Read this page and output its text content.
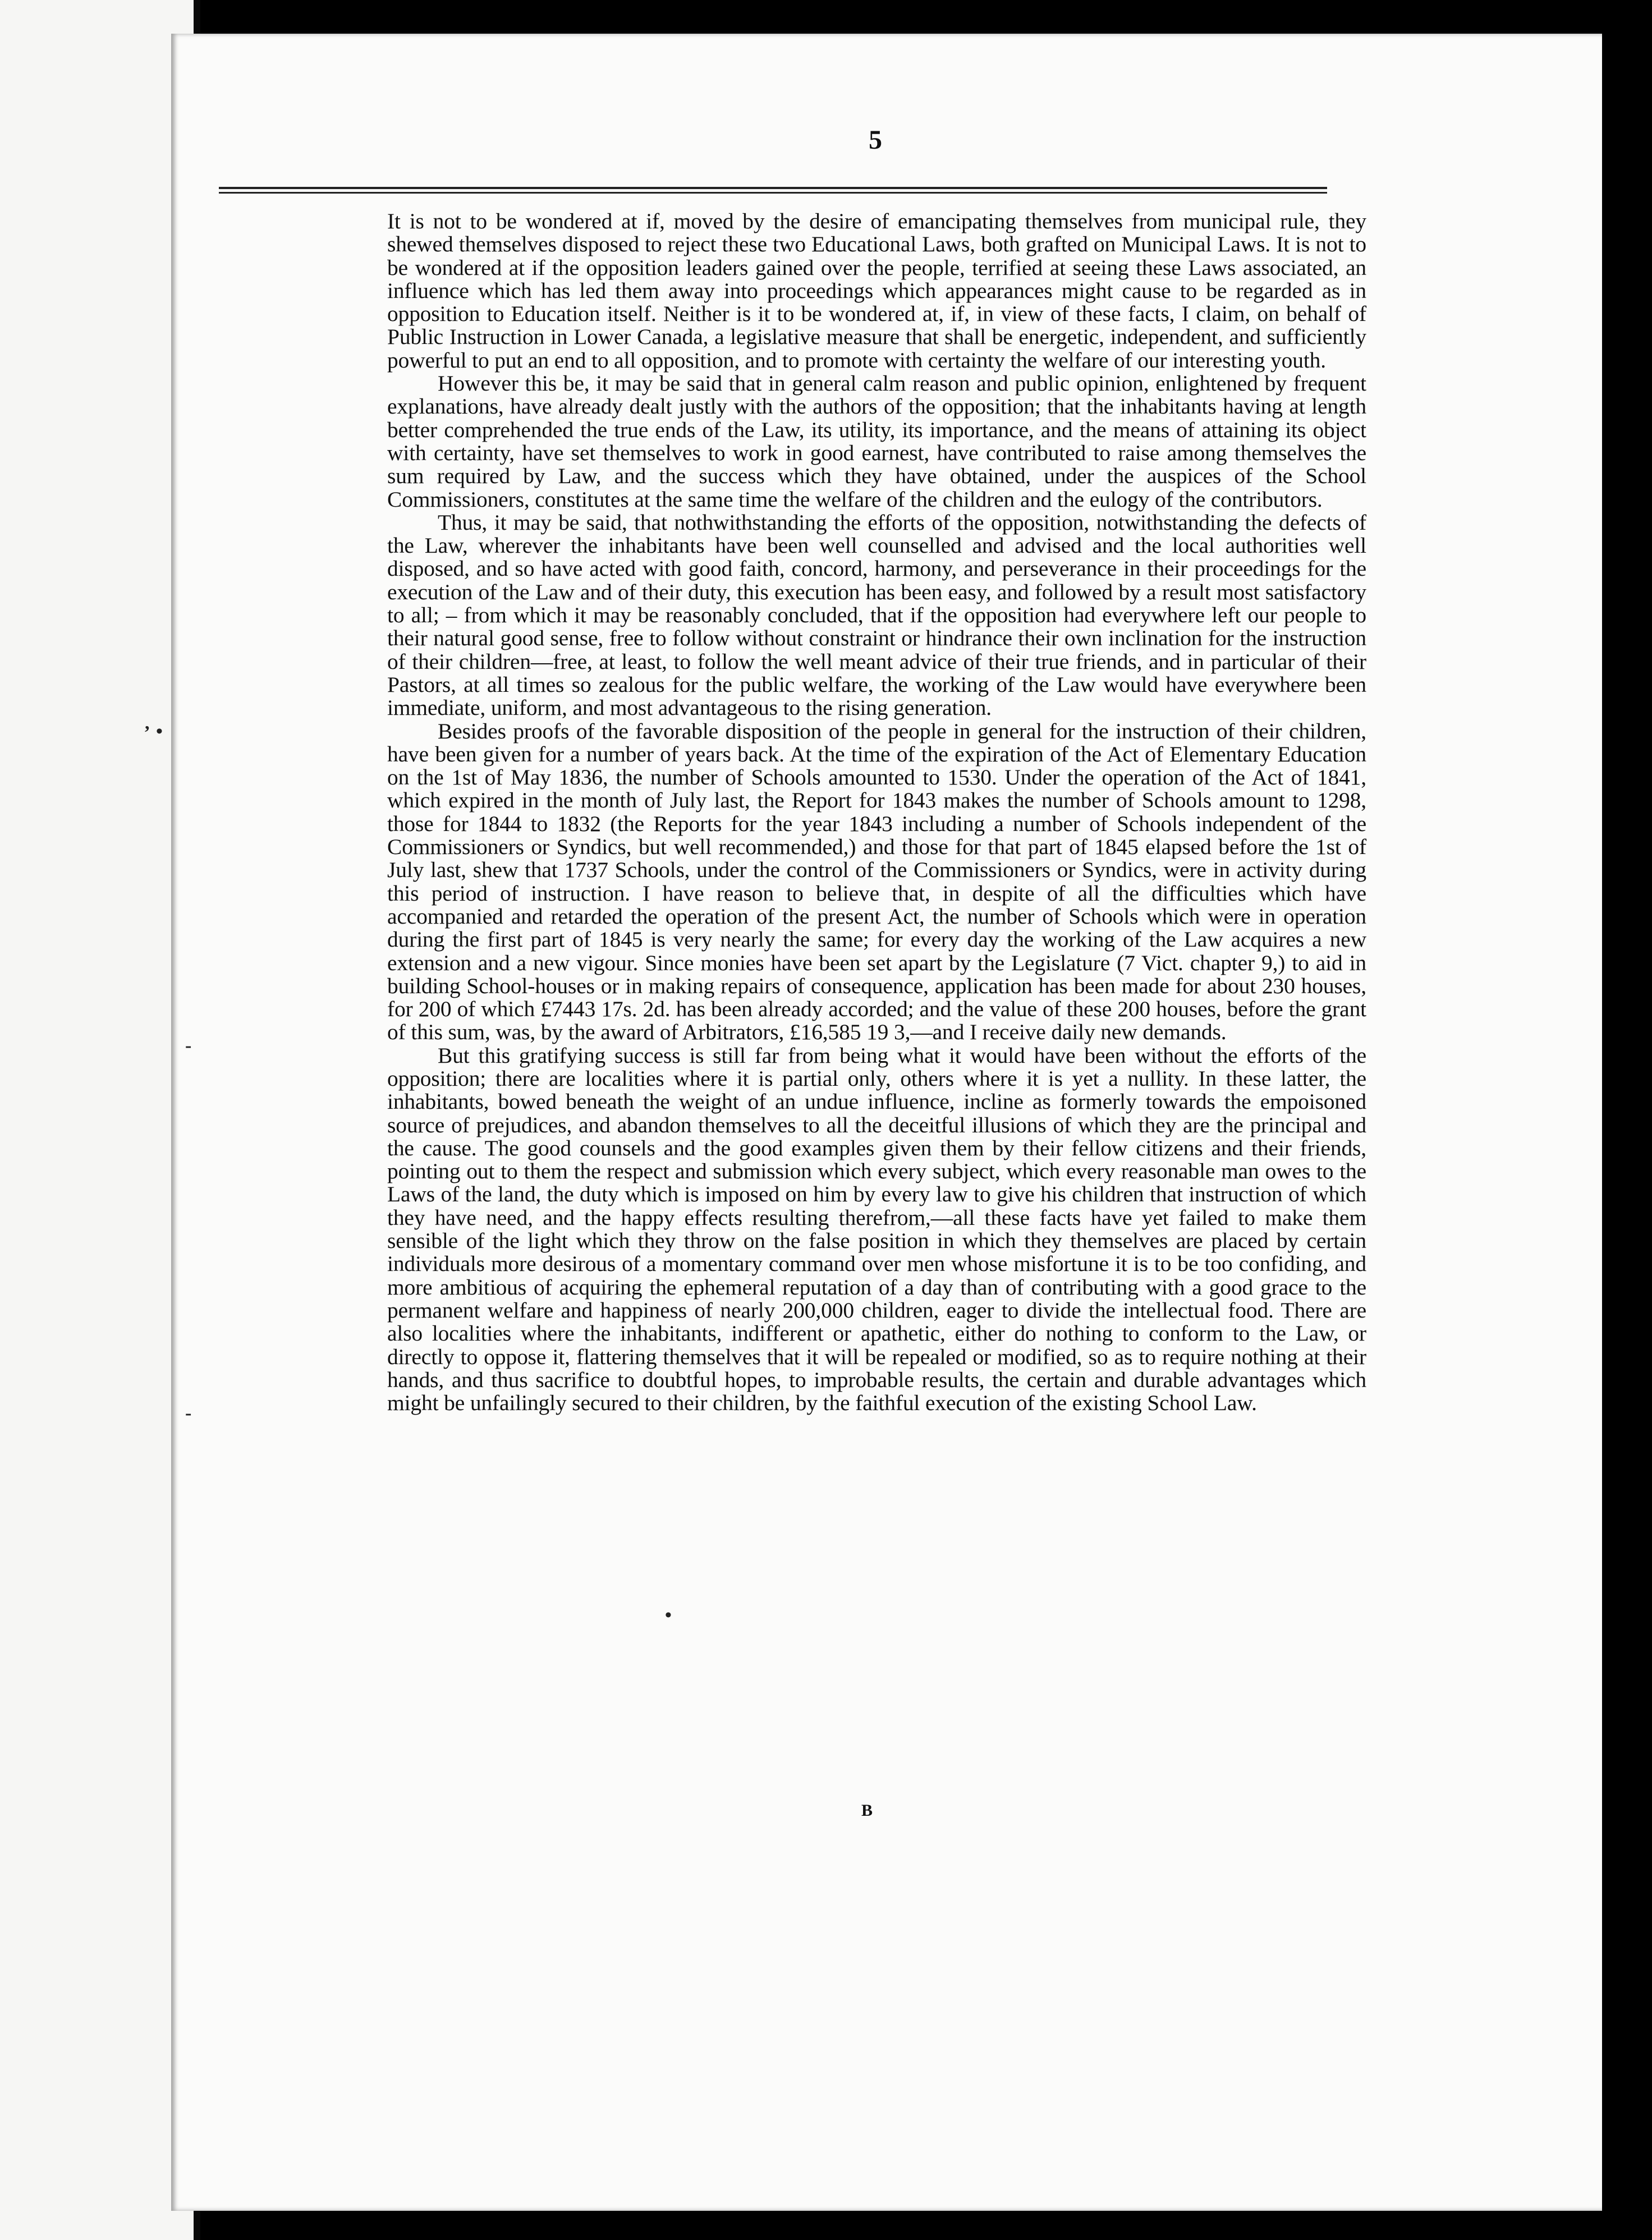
5
, •
-
-
•

It is not to be wondered at if, moved by the desire of emancipating themselves from municipal rule, they shewed themselves disposed to reject these two Educational Laws, both grafted on Municipal Laws. It is not to be wondered at if the opposition leaders gained over the people, terrified at seeing these Laws associated, an influence which has led them away into proceedings which appearances might cause to be regarded as in opposition to Education itself. Neither is it to be wondered at, if, in view of these facts, I claim, on behalf of Public Instruction in Lower Canada, a legislative measure that shall be energetic, independent, and sufficiently powerful to put an end to all opposition, and to promote with certainty the welfare of our interesting youth.

However this be, it may be said that in general calm reason and public opinion, enlightened by frequent explanations, have already dealt justly with the authors of the opposition; that the inhabitants having at length better comprehended the true ends of the Law, its utility, its importance, and the means of attaining its object with certainty, have set themselves to work in good earnest, have contributed to raise among themselves the sum required by Law, and the success which they have obtained, under the auspices of the School Commissioners, constitutes at the same time the welfare of the children and the eulogy of the contributors.

Thus, it may be said, that nothwithstanding the efforts of the opposition, notwithstanding the defects of the Law, wherever the inhabitants have been well counselled and advised and the local authorities well disposed, and so have acted with good faith, concord, harmony, and perseverance in their proceedings for the execution of the Law and of their duty, this execution has been easy, and followed by a result most satisfactory to all; – from which it may be reasonably concluded, that if the opposition had everywhere left our people to their natural good sense, free to follow without constraint or hindrance their own inclination for the instruction of their children—free, at least, to follow the well meant advice of their true friends, and in particular of their Pastors, at all times so zealous for the public welfare, the working of the Law would have everywhere been immediate, uniform, and most advantageous to the rising generation.

Besides proofs of the favorable disposition of the people in general for the instruction of their children, have been given for a number of years back. At the time of the expiration of the Act of Elementary Education on the 1st of May 1836, the number of Schools amounted to 1530. Under the operation of the Act of 1841, which expired in the month of July last, the Report for 1843 makes the number of Schools amount to 1298, those for 1844 to 1832 (the Reports for the year 1843 including a number of Schools independent of the Commissioners or Syndics, but well recommended,) and those for that part of 1845 elapsed before the 1st of July last, shew that 1737 Schools, under the control of the Commissioners or Syndics, were in activity during this period of instruction. I have reason to believe that, in despite of all the difficulties which have accompanied and retarded the operation of the present Act, the number of Schools which were in operation during the first part of 1845 is very nearly the same; for every day the working of the Law acquires a new extension and a new vigour. Since monies have been set apart by the Legislature (7 Vict. chapter 9,) to aid in building School-houses or in making repairs of consequence, application has been made for about 230 houses, for 200 of which £7443 17s. 2d. has been already accorded; and the value of these 200 houses, before the grant of this sum, was, by the award of Arbitrators, £16,585 19 3,—and I receive daily new demands.

But this gratifying success is still far from being what it would have been without the efforts of the opposition; there are localities where it is partial only, others where it is yet a nullity. In these latter, the inhabitants, bowed beneath the weight of an undue influence, incline as formerly towards the empoisoned source of prejudices, and abandon themselves to all the deceitful illusions of which they are the principal and the cause. The good counsels and the good examples given them by their fellow citizens and their friends, pointing out to them the respect and submission which every subject, which every reasonable man owes to the Laws of the land, the duty which is imposed on him by every law to give his children that instruction of which they have need, and the happy effects resulting therefrom,—all these facts have yet failed to make them sensible of the light which they throw on the false position in which they themselves are placed by certain individuals more desirous of a momentary command over men whose misfortune it is to be too confiding, and more ambitious of acquiring the ephemeral reputation of a day than of contributing with a good grace to the permanent welfare and happiness of nearly 200,000 children, eager to divide the intellectual food. There are also localities where the inhabitants, indifferent or apathetic, either do nothing to conform to the Law, or directly to oppose it, flattering themselves that it will be repealed or modified, so as to require nothing at their hands, and thus sacrifice to doubtful hopes, to improbable results, the certain and durable advantages which might be unfailingly secured to their children, by the faithful execution of the existing School Law.

B
